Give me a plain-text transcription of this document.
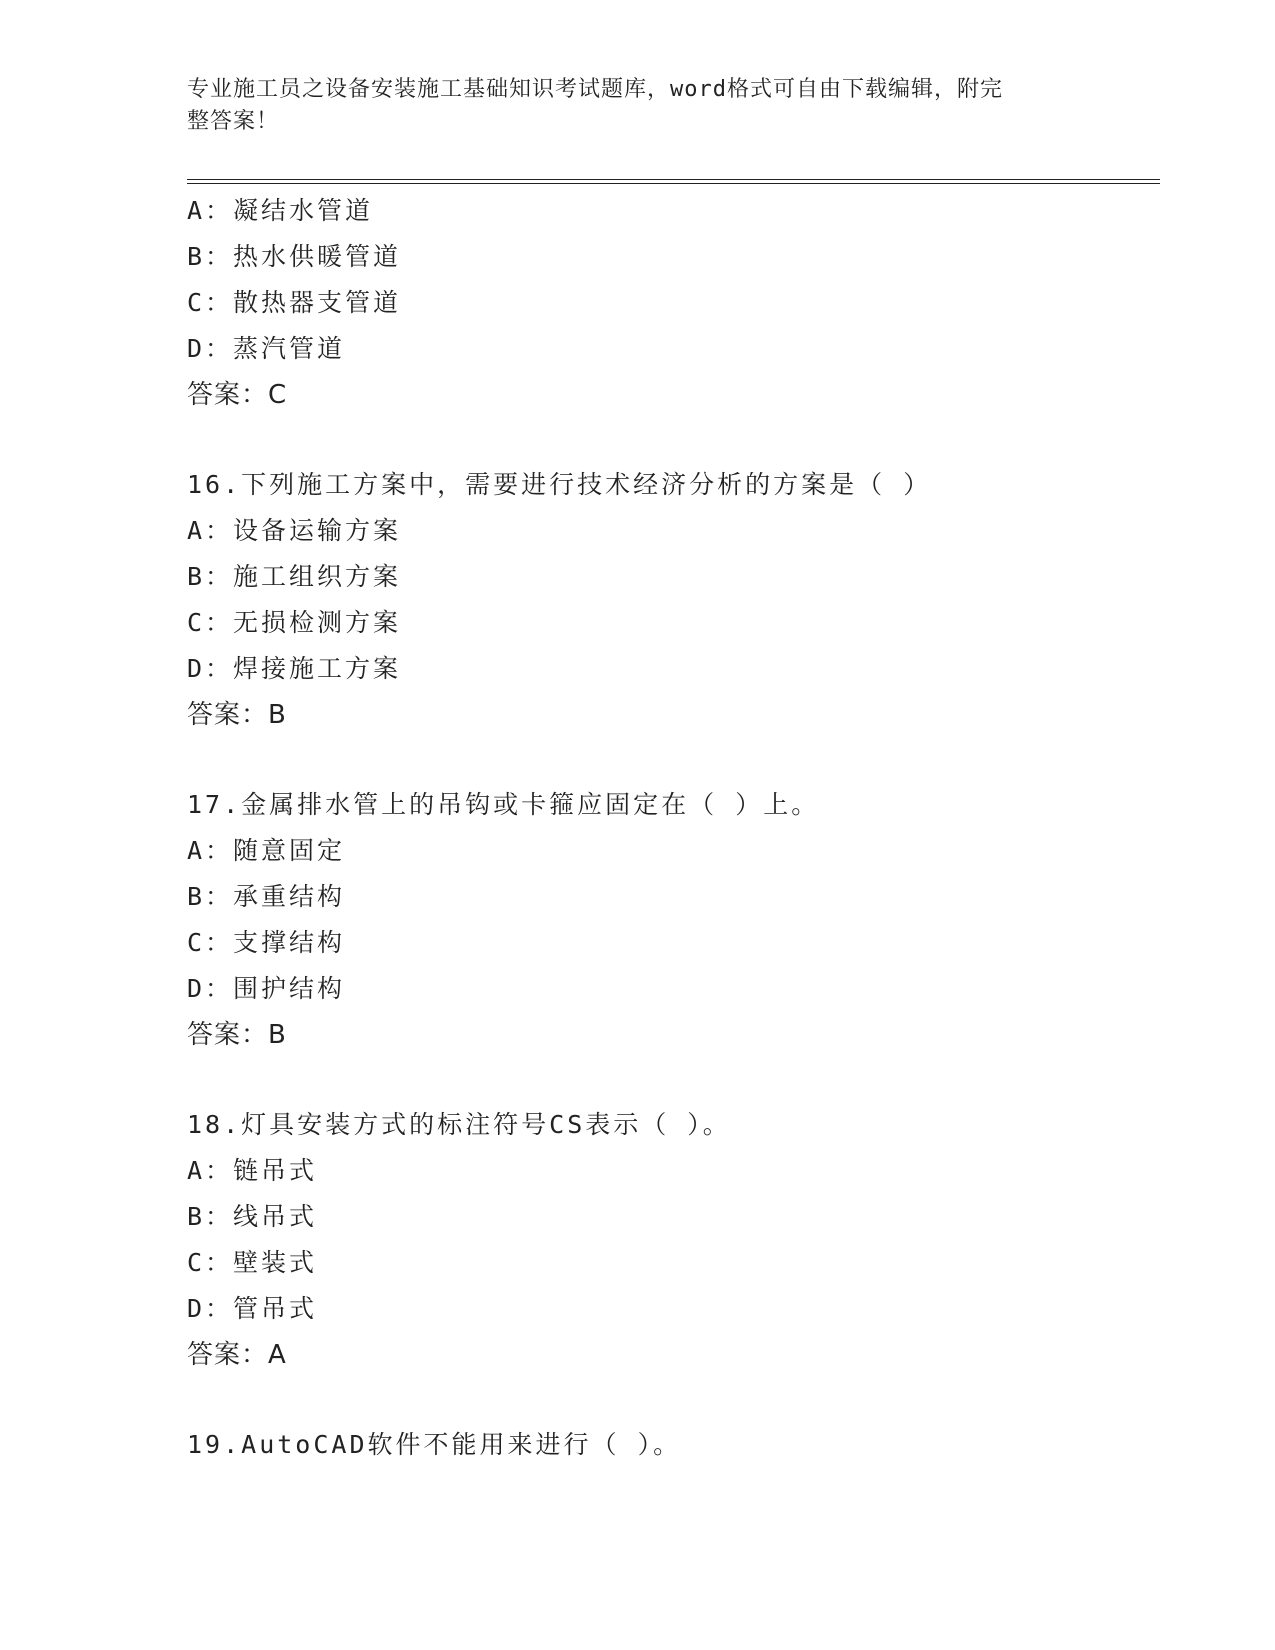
专业施工员之设备安装施工基础知识考试题库，word格式可自由下载编辑，附完
整答案！
A：凝结水管道
B：热水供暖管道
C：散热器支管道
D：蒸汽管道
答案：C
16.下列施工方案中，需要进行技术经济分析的方案是（ ）
A：设备运输方案
B：施工组织方案
C：无损检测方案
D：焊接施工方案
答案：B
17.金属排水管上的吊钩或卡箍应固定在（ ）上。
A：随意固定
B：承重结构
C：支撑结构
D：围护结构
答案：B
18.灯具安装方式的标注符号CS表示（ ）。
A：链吊式
B：线吊式
C：壁装式
D：管吊式
答案：A
19.AutoCAD软件不能用来进行（ ）。
